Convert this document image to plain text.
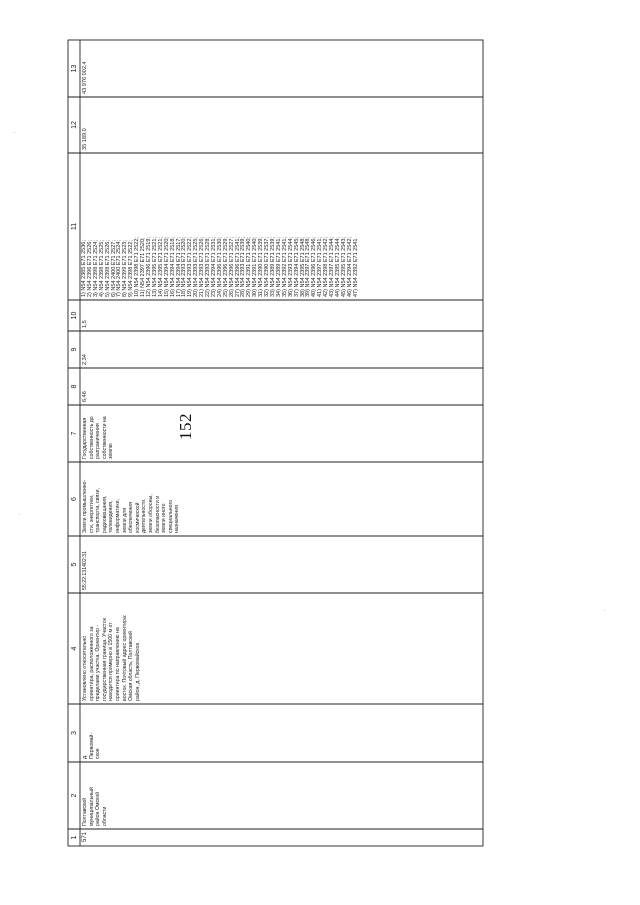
152
1
2
3
4
5
6
7
8
9
10
11
12
13
571
Полтавский
муниципальный
район Омской
области
д.
Первомай-
ское
Установлено относительно
ориентира, расположенного за
пределами участка. Ориентир -
государственная граница. Участок
находится примерно в 1500 м от
ориентира по направлению на
восток. Почтовый адрес ориентира:
Омская область, Полтавский
район, д. Первомайское
55:22:131402:31
Земли промышленно-
сти, энергетики,
транспорта, связи,
радиовещания,
телевидения,
информатики,
земли для
обеспечения
космической
деятельности,
земли обороны,
безопасности и
земли иного
специального
назначения
Государственная
собственность до
разграничения
собственности на
землю
6,46
2,34
1,5
1) N54 2385 E71 2536;
2) N54 2396 E71 2526;
3) N54 2398 E71 2524;
4) N54 2398 E71 2525;
5) N54 2398 E71 2526;
6) N54 2400 E71 2527;
7) N54 2400 E71 2524;
8) N54 2399 E71 2523;
9) N54 2398 E71 2522;
10) N54 2398 E71 2522;
11) N54 2397 E71 2520;
12) N54 2396 E71 2519;
13) N54 2395 E71 2521;
14) N54 2395 E71 2521;
15) N54 2394 E71 2520;
16) N54 2394 E71 2518;
17) N54 2394 E71 2517;
18) N54 2393 E71 2520;
19) N54 2393 E71 2522;
20) N54 2393 E71 2525;
21) N54 2393 E71 2526;
22) N54 2393 E71 2528;
23) N54 2394 E71 2531;
24) N54 2396 E71 2530;
25) N54 2396 E71 2529;
26) N54 2396 E71 2527;
27) N54 2396 E71 2541;
28) N54 2393 E71 2539;
29) N54 2391 E71 2540;
30) N54 2391 E71 2540;
31) N54 2390 E71 2539;
32) N54 2390 E71 2537;
33) N54 2389 E71 2539;
34) N54 2389 E71 2541;
35) N54 2392 E71 2541;
36) N54 2393 E71 2544;
37) N54 2394 E71 2545;
38) N54 2395 E71 2548;
39) N54 2397 E71 2548;
40) N54 2396 E71 2546;
41) N54 2397 E71 2541;
42) N54 2398 E71 2542;
43) N54 2397 E71 2544;
44) N54 2395 E71 2544;
45) N54 2395 E71 2543;
46) N54 2394 E71 2542;
47) N54 2392 E71 2541
35 189,0
43 976 002,4
